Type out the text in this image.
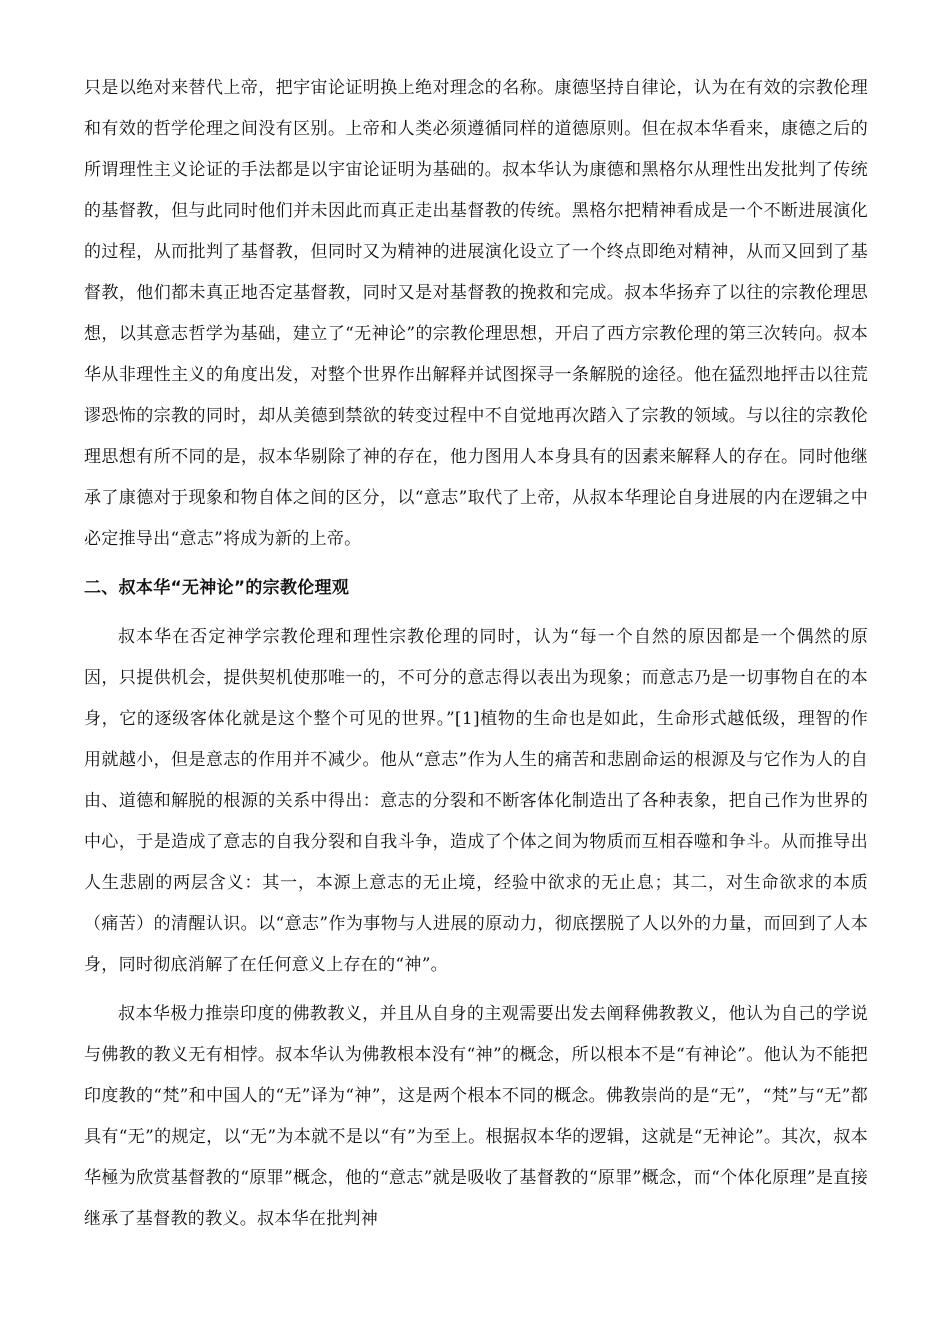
只是以绝对来替代上帝，把宇宙论证明换上绝对理念的名称。康德坚持自律论，认为在有效的宗教伦理和有效的哲学伦理之间没有区别。上帝和人类必须遵循同样的道德原则。但在叔本华看来，康德之后的所谓理性主义论证的手法都是以宇宙论证明为基础的。叔本华认为康德和黑格尔从理性出发批判了传统的基督教，但与此同时他们并未因此而真正走出基督教的传统。黑格尔把精神看成是一个不断进展演化的过程，从而批判了基督教，但同时又为精神的进展演化设立了一个终点即绝对精神，从而又回到了基督教，他们都未真正地否定基督教，同时又是对基督教的挽救和完成。叔本华扬弃了以往的宗教伦理思想，以其意志哲学为基础，建立了“无神论”的宗教伦理思想，开启了西方宗教伦理的第三次转向。叔本华从非理性主义的角度出发，对整个世界作出解释并试图探寻一条解脱的途径。他在猛烈地抨击以往荒谬恐怖的宗教的同时，却从美德到禁欲的转变过程中不自觉地再次踏入了宗教的领域。与以往的宗教伦理思想有所不同的是，叔本华剔除了神的存在，他力图用人本身具有的因素来解释人的存在。同时他继承了康德对于现象和物自体之间的区分，以“意志”取代了上帝，从叔本华理论自身进展的内在逻辑之中必定推导出“意志”将成为新的上帝。

二、叔本华“无神论”的宗教伦理观

叔本华在否定神学宗教伦理和理性宗教伦理的同时，认为“每一个自然的原因都是一个偶然的原因，只提供机会，提供契机使那唯一的，不可分的意志得以表出为现象；而意志乃是一切事物自在的本身，它的逐级客体化就是这个整个可见的世界。”[1]植物的生命也是如此，生命形式越低级，理智的作用就越小，但是意志的作用并不减少。他从“意志”作为人生的痛苦和悲剧命运的根源及与它作为人的自由、道德和解脱的根源的关系中得出：意志的分裂和不断客体化制造出了各种表象，把自己作为世界的中心，于是造成了意志的自我分裂和自我斗争，造成了个体之间为物质而互相吞噬和争斗。从而推导出人生悲剧的两层含义：其一，本源上意志的无止境，经验中欲求的无止息；其二，对生命欲求的本质（痛苦）的清醒认识。以“意志”作为事物与人进展的原动力，彻底摆脱了人以外的力量，而回到了人本身，同时彻底消解了在任何意义上存在的“神”。

叔本华极力推崇印度的佛教教义，并且从自身的主观需要出发去阐释佛教教义，他认为自己的学说与佛教的教义无有相悖。叔本华认为佛教根本没有“神”的概念，所以根本不是“有神论”。他认为不能把印度教的“梵”和中国人的“无”译为“神”，这是两个根本不同的概念。佛教崇尚的是“无”，“梵”与“无”都具有“无”的规定，以“无”为本就不是以“有”为至上。根据叔本华的逻辑，这就是“无神论”。其次，叔本华極为欣赏基督教的“原罪”概念，他的“意志”就是吸收了基督教的“原罪”概念，而“个体化原理”是直接继承了基督教的教义。叔本华在批判神
